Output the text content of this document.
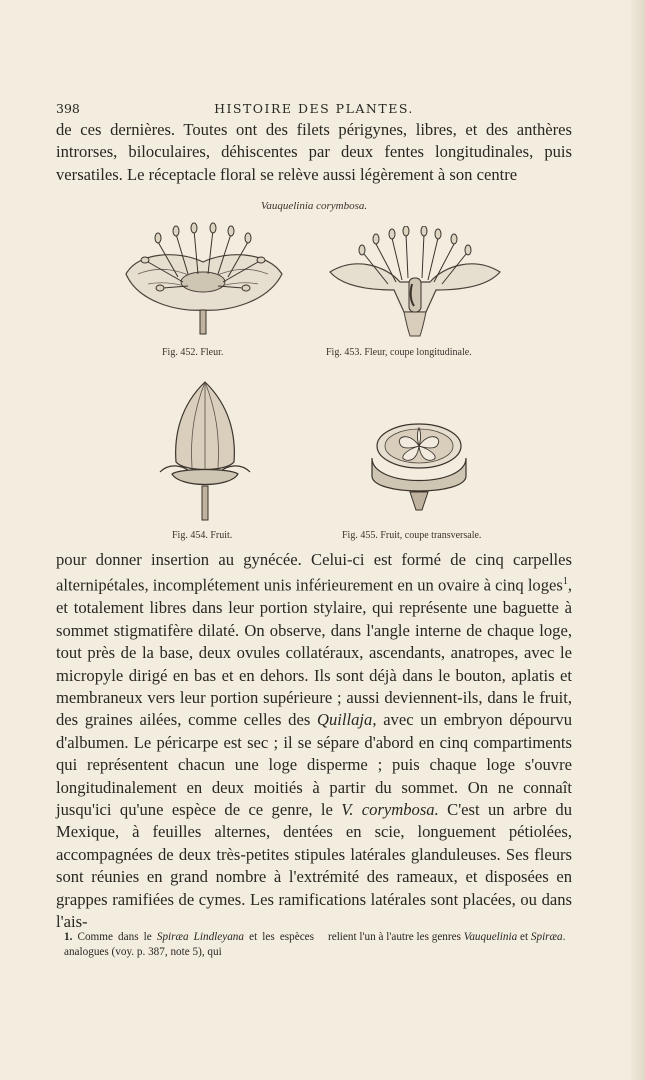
398	HISTOIRE DES PLANTES.

de ces dernières. Toutes ont des filets périgynes, libres, et des anthères introrses, biloculaires, déhiscentes par deux fentes longitudinales, puis versatiles. Le réceptacle floral se relève aussi légèrement à son centre

Vauquelinia corymbosa.
Fig. 452. Fleur.	Fig. 453. Fleur, coupe longitudinale.
Fig. 454. Fruit.	Fig. 455. Fruit, coupe transversale.

pour donner insertion au gynécée. Celui-ci est formé de cinq carpelles alternipétales, incomplétement unis inférieurement en un ovaire à cinq loges$^1$, et totalement libres dans leur portion stylaire, qui représente une baguette à sommet stigmatifère dilaté. On observe, dans l'angle interne de chaque loge, tout près de la base, deux ovules collatéraux, ascendants, anatropes, avec le micropyle dirigé en bas et en dehors. Ils sont déjà dans le bouton, aplatis et membraneux vers leur portion supérieure ; aussi deviennent-ils, dans le fruit, des graines ailées, comme celles des Quillaja, avec un embryon dépourvu d'albumen. Le péricarpe est sec ; il se sépare d'abord en cinq compartiments qui représentent chacun une loge disperme ; puis chaque loge s'ouvre longitudinalement en deux moitiés à partir du sommet. On ne connaît jusqu'ici qu'une espèce de ce genre, le V. corymbosa. C'est un arbre du Mexique, à feuilles alternes, dentées en scie, longuement pétiolées, accompagnées de deux très-petites stipules latérales glanduleuses. Ses fleurs sont réunies en grand nombre à l'extrémité des rameaux, et disposées en grappes ramifiées de cymes. Les ramifications latérales sont placées, ou dans l'ais-

1. Comme dans le Spiræa Lindleyana et les espèces analogues (voy. p. 387, note 5), qui
relient l'un à l'autre les genres Vauquelinia et Spiræa.
